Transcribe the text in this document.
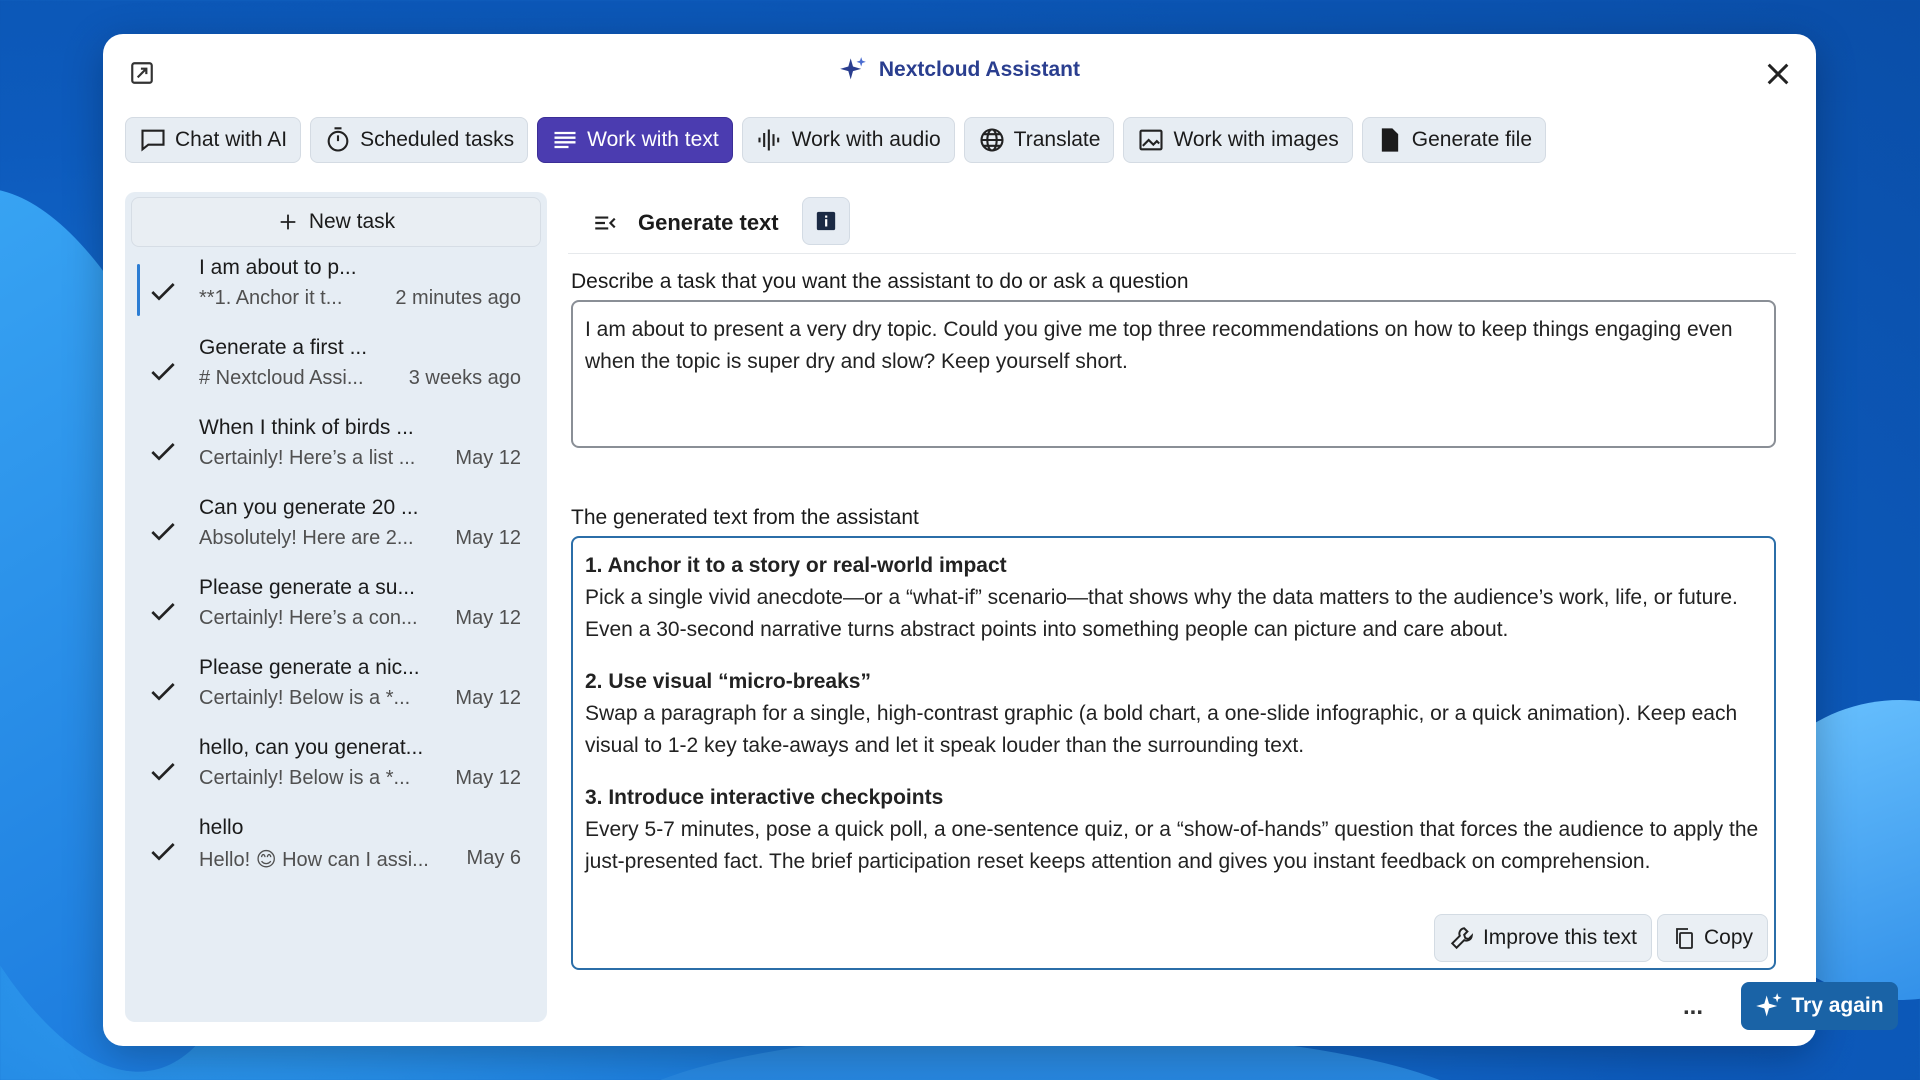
Nextcloud Assistant
Chat with AI	Scheduled tasks	Work with text	Work with audio	Translate	Work with images	Generate file
New task
I am about to p...
**1. Anchor it t...	2 minutes ago
Generate a first ...
# Nextcloud Assi... 3 weeks ago
When I think of birds ...
Certainly! Here’s a list ... May 12
Can you generate 20 ...
Absolutely! Here are 2... May 12
Please generate a su...
Certainly! Here’s a con... May 12
Please generate a nic...
Certainly! Below is a *... May 12
hello, can you generat...
Certainly! Below is a *... May 12
hello
Hello! 😊 How can I assi... May 6
Generate text
Describe a task that you want the assistant to do or ask a question
I am about to present a very dry topic. Could you give me top three recommendations on how to keep things engaging even when the topic is super dry and slow? Keep yourself short.
The generated text from the assistant
1. Anchor it to a story or real-world impact
Pick a single vivid anecdote—or a “what-if” scenario—that shows why the data matters to the audience’s work, life, or future. Even a 30-second narrative turns abstract points into something people can picture and care about.
2. Use visual “micro-breaks”
Swap a paragraph for a single, high-contrast graphic (a bold chart, a one-slide infographic, or a quick animation). Keep each visual to 1-2 key take-aways and let it speak louder than the surrounding text.
3. Introduce interactive checkpoints
Every 5-7 minutes, pose a quick poll, a one-sentence quiz, or a “show-of-hands” question that forces the audience to apply the just-presented fact. The brief participation reset keeps attention and gives you instant feedback on comprehension.
Improve this text	Copy
...	Try again
